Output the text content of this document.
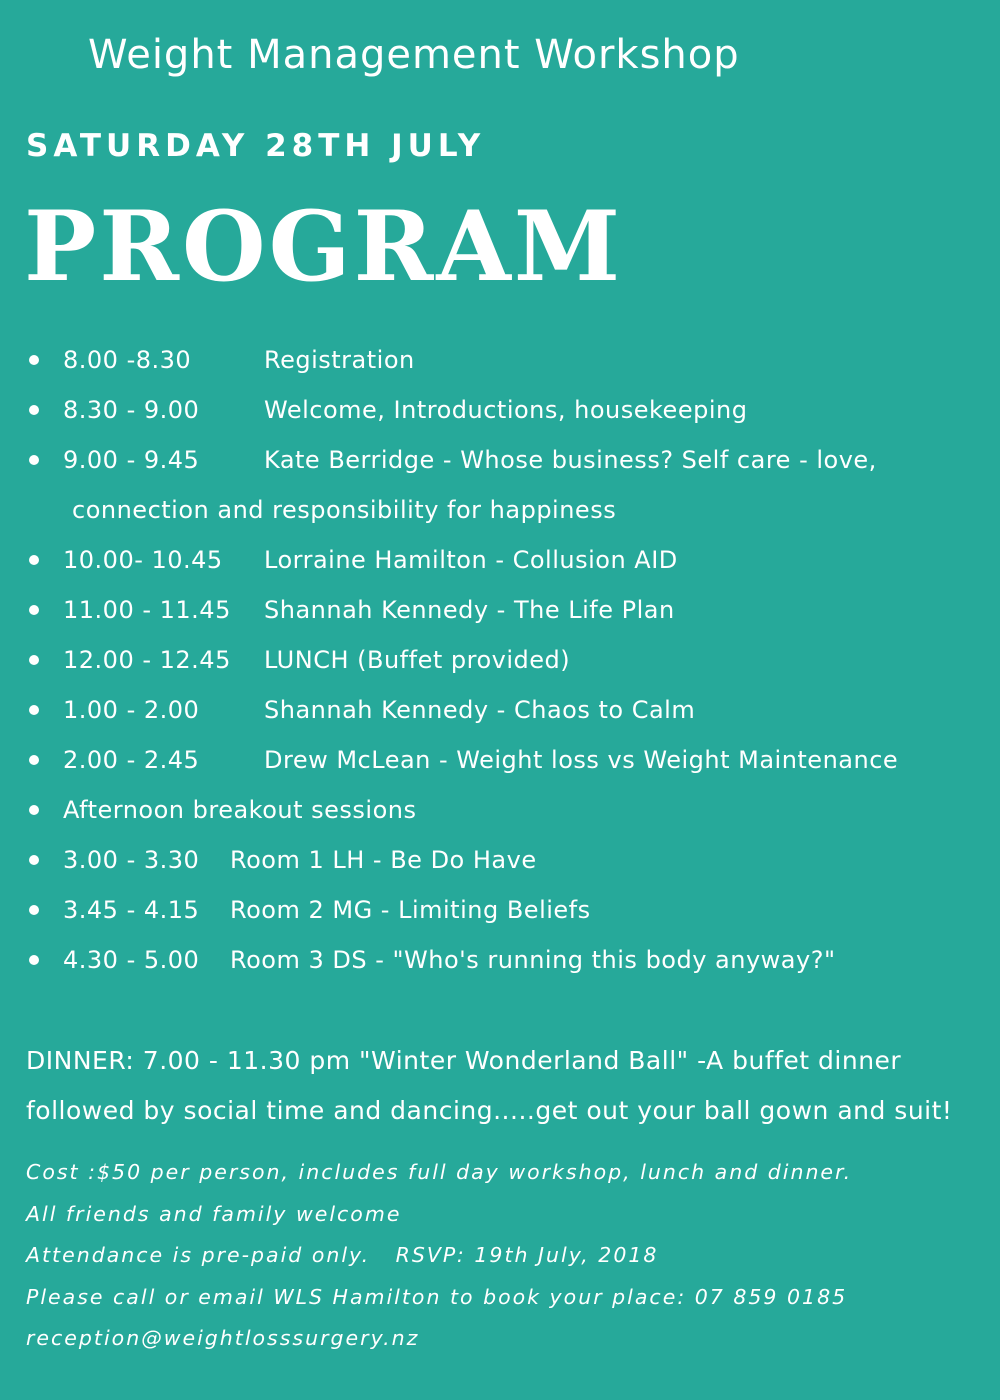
Weight Management Workshop
SATURDAY 28TH JULY
PROGRAM
8.00 -8.30	Registration

8.30 - 9.00	Welcome, Introductions, housekeeping

9.00 - 9.45	Kate Berridge - Whose business? Self care - love,

connection and responsibility for happiness

10.00- 10.45 Lorraine Hamilton - Collusion AID

11.00 - 11.45 Shannah Kennedy - The Life Plan

12.00 - 12.45 LUNCH (Buffet provided)

1.00 - 2.00	Shannah Kennedy - Chaos to Calm

2.00 - 2.45	Drew McLean - Weight loss vs Weight Maintenance

Afternoon breakout sessions

3.00 - 3.30 Room 1 LH - Be Do Have

3.45 - 4.15 Room 2 MG - Limiting Beliefs

4.30 - 5.00 Room 3 DS - "Who's running this body anyway?"

DINNER: 7.00 - 11.30 pm "Winter Wonderland Ball" -A buffet dinner
followed by social time and dancing.....get out your ball gown and suit!
Cost :$50 per person, includes full day workshop, lunch and dinner.
All friends and family welcome
Attendance is pre-paid only.   RSVP: 19th July, 2018
Please call or email WLS Hamilton to book your place: 07 859 0185
reception@weightlosssurgery.nz
